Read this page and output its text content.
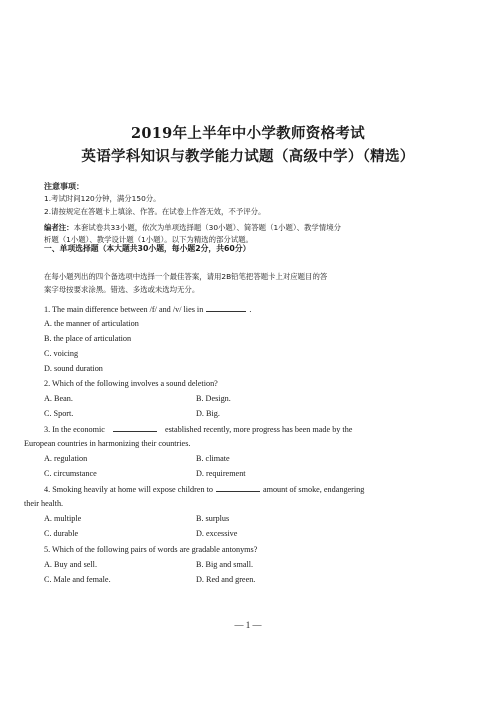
2019年上半年中小学教师资格考试
英语学科知识与教学能力试题（高级中学）（精选）
注意事项：
1.考试时间120分钟，满分150分。
2.请按规定在答题卡上填涂、作答。在试卷上作答无效，不予评分。
编者注：本套试卷共33小题，依次为单项选择题（30小题）、简答题（1小题）、教学情境分
析题（1小题）、教学设计题（1小题）。以下为精选的部分试题。
一、单项选择题（本大题共30小题，每小题2分，共60分）
在每小题列出的四个备选项中选择一个最佳答案，请用2B铅笔把答题卡上对应题目的答
案字母按要求涂黑。错选、多选或未选均无分。
1. The main difference between /f/ and /v/ lies in	.
A. the manner of articulation
B. the place of articulation
C. voicing
D. sound duration
2. Which of the following involves a sound deletion?
A. Bean.	B. Design.
C. Sport.	D. Big.
3. In the economic	established recently, more progress has been made by the
European countries in harmonizing their countries.
A. regulation	B. climate
C. circumstance	D. requirement
4. Smoking heavily at home will expose children to	amount of smoke, endangering
their health.
A. multiple	B. surplus
C. durable	D. excessive
5. Which of the following pairs of words are gradable antonyms?
A. Buy and sell.	B. Big and small.
C. Male and female.	D. Red and green.
— 1 —
